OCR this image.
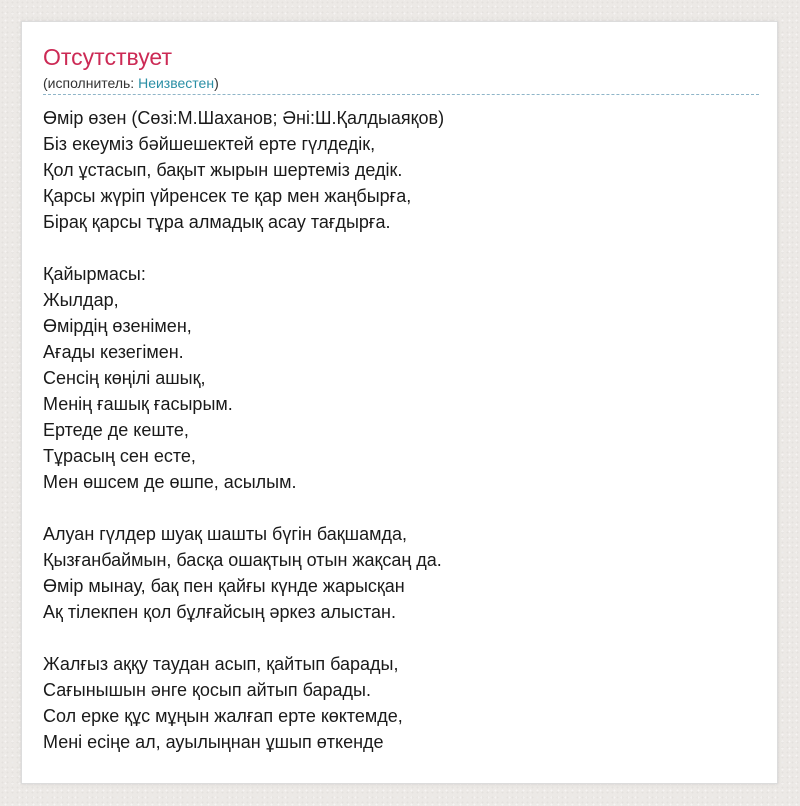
Отсутствует
(исполнитель: Неизвестен)
Өмір өзен (Сөзі:М.Шаханов; Әні:Ш.Қалдыаяқов)
Біз екеуміз бәйшешектей ерте гүлдедік,
Қол ұстасып, бақыт жырын шертеміз дедік.
Қарсы жүріп үйренсек те қар мен жаңбырға,
Бірақ қарсы тұра алмадық асау тағдырға.
Қайырмасы:
Жылдар,
Өмірдің өзенімен,
Ағады кезегімен.
Сенсің көңілі ашық,
Менің ғашық ғасырым.
Ертеде де кеште,
Тұрасың сен есте,
Мен өшсем де өшпе, асылым.
Алуан гүлдер шуақ шашты бүгін бақшамда,
Қызғанбаймын, басқа ошақтың отын жақсаң да.
Өмір мынау, бақ пен қайғы күнде жарысқан
Ақ тілекпен қол бұлғайсың әркез алыстан.
Жалғыз аққу таудан асып, қайтып барады,
Сағынышын әнге қосып айтып барады.
Сол ерке құс мұңын жалғап ерте көктемде,
Мені есіңе ал, ауылыңнан ұшып өткенде
